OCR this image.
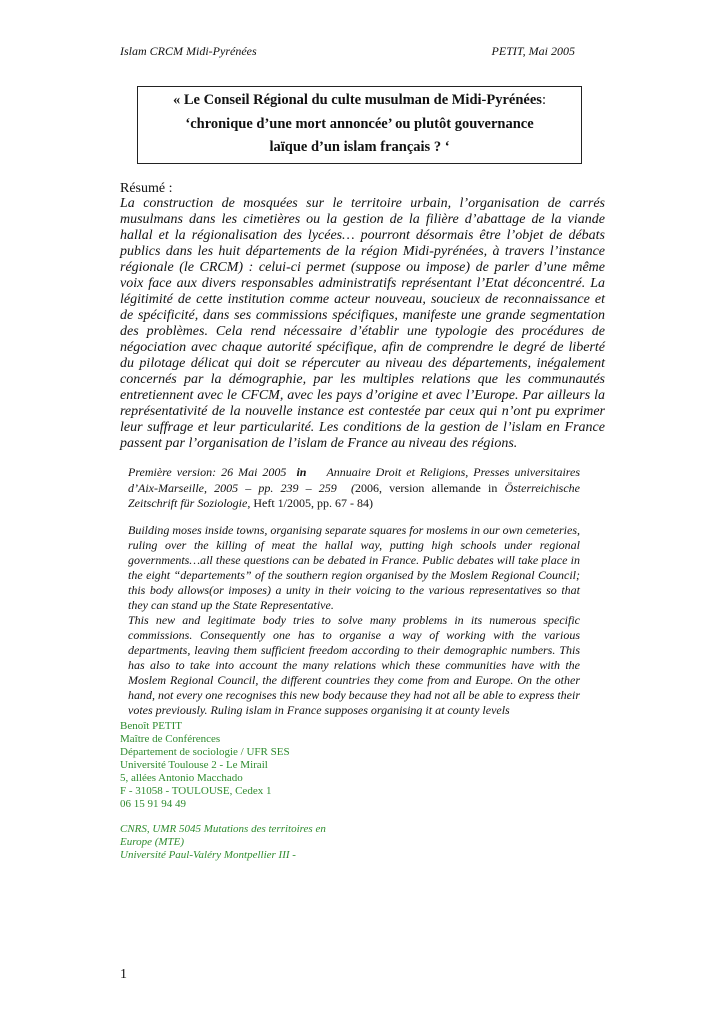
Islam CRCM Midi-Pyrénées	PETIT, Mai 2005
« Le Conseil Régional du culte musulman de Midi-Pyrénées:
‘chronique d’une mort annoncée’ ou plutôt gouvernance
laïque d’un islam français ? ‘
Résumé :

La construction de mosquées sur le territoire urbain, l’organisation de carrés musulmans dans les cimetières ou la gestion de la filière d’abattage de la viande hallal et la régionalisation des lycées… pourront désormais être l’objet de débats publics dans les huit départements de la région Midi-pyrénées, à travers l’instance régionale (le CRCM) : celui-ci permet (suppose ou impose) de parler d’une même voix face aux divers responsables administratifs représentant l’Etat déconcentré. La légitimité de cette institution comme acteur nouveau, soucieux de reconnaissance et de spécificité, dans ses commissions spécifiques, manifeste une grande segmentation des problèmes. Cela rend nécessaire d’établir une typologie des procédures de négociation avec chaque autorité spécifique, afin de comprendre le degré de liberté du pilotage délicat qui doit se répercuter au niveau des départements, inégalement concernés par la démographie, par les multiples relations que les communautés entretiennent avec le CFCM, avec les pays d’origine et avec l’Europe. Par ailleurs la représentativité de la nouvelle instance est contestée par ceux qui n’ont pu exprimer leur suffrage et leur particularité. Les conditions de la gestion de l’islam en France passent par l’organisation de l’islam de France au niveau des régions.

Première version: 26 Mai 2005 in Annuaire Droit et Religions, Presses universitaires d’Aix-Marseille, 2005 – pp. 239 – 259 (2006, version allemande in Österreichische Zeitschrift für Soziologie, Heft 1/2005, pp. 67 - 84)

Building moses inside towns, organising separate squares for moslems in our own cemeteries, ruling over the killing of meat the hallal way, putting high schools under regional governments…all these questions can be debated in France. Public debates will take place in the eight “departements” of the southern region organised by the Moslem Regional Council; this body allows(or imposes) a unity in their voicing to the various representatives so that they can stand up the State Representative.
This new and legitimate body tries to solve many problems in its numerous specific commissions. Consequently one has to organise a way of working with the various departments, leaving them sufficient freedom according to their demographic numbers. This has also to take into account the many relations which these communities have with the Moslem Regional Council, the different countries they come from and Europe. On the other hand, not every one recognises this new body because they had not all be able to express their votes previously. Ruling islam in France supposes organising it at county levels
Benoît PETIT
Maître de Conférences
Département de sociologie / UFR SES
Université Toulouse 2 - Le Mirail
5, allées Antonio Macchado
F - 31058 - TOULOUSE, Cedex 1
06 15 91 94 49
CNRS, UMR 5045 Mutations des territoires en
Europe (MTE)
Université Paul-Valéry Montpellier III -
1
